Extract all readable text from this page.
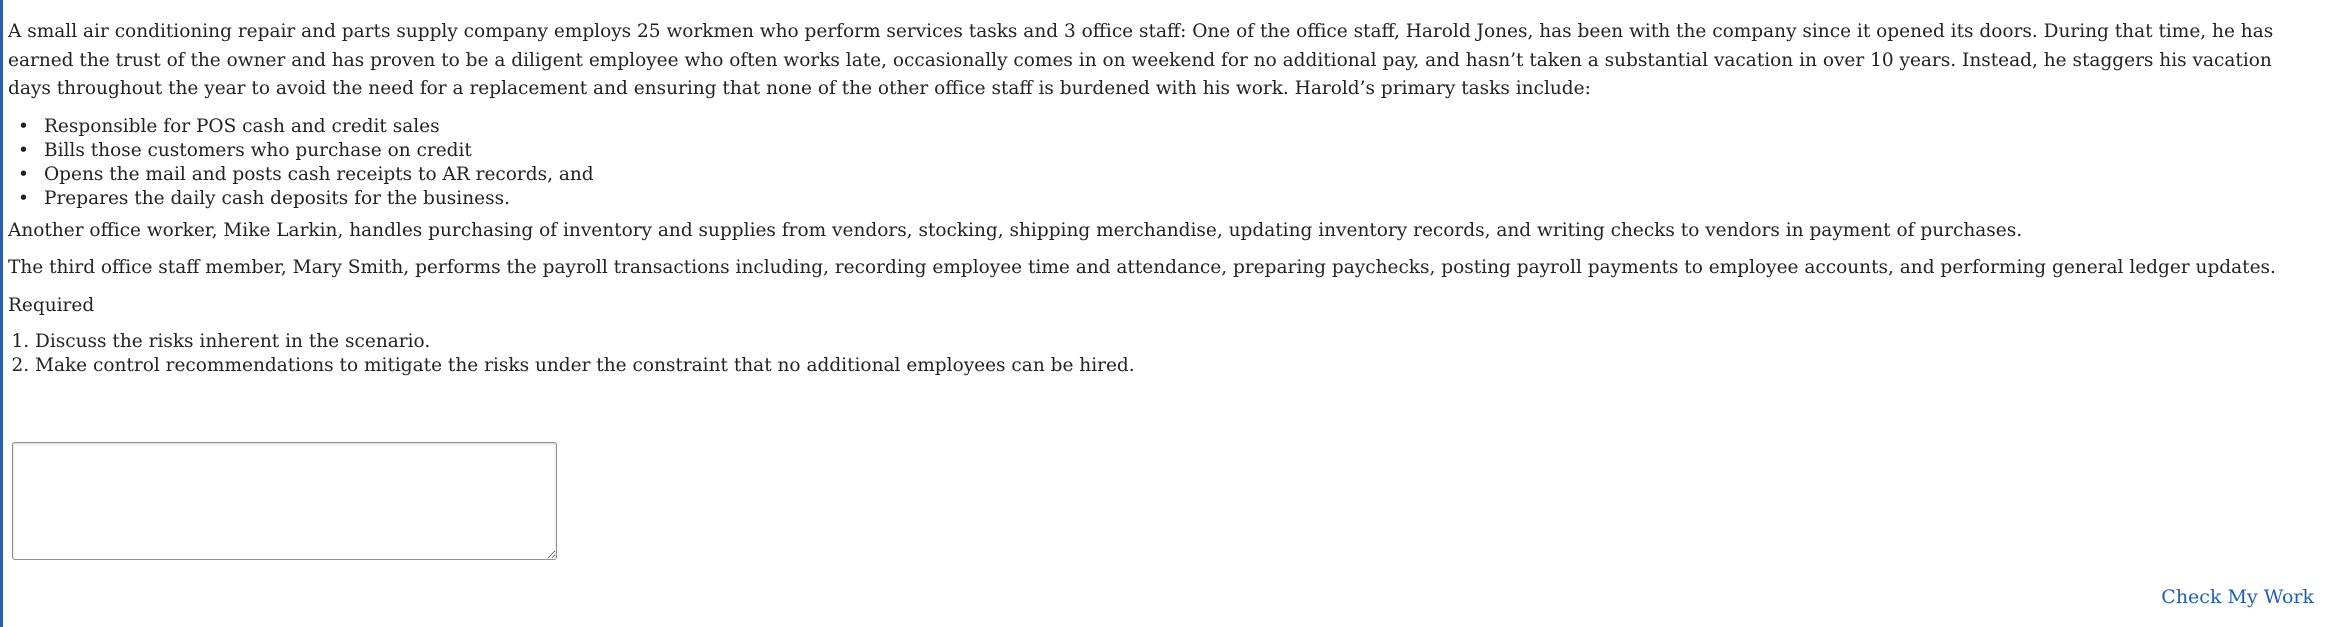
A small air conditioning repair and parts supply company employs 25 workmen who perform services tasks and 3 office staff: One of the office staff, Harold Jones, has been with the company since it opened its doors. During that time, he has earned the trust of the owner and has proven to be a diligent employee who often works late, occasionally comes in on weekend for no additional pay, and hasn’t taken a substantial vacation in over 10 years. Instead, he staggers his vacation days throughout the year to avoid the need for a replacement and ensuring that none of the other office staff is burdened with his work. Harold’s primary tasks include:

• Responsible for POS cash and credit sales
• Bills those customers who purchase on credit
• Opens the mail and posts cash receipts to AR records, and
• Prepares the daily cash deposits for the business.

Another office worker, Mike Larkin, handles purchasing of inventory and supplies from vendors, stocking, shipping merchandise, updating inventory records, and writing checks to vendors in payment of purchases.

The third office staff member, Mary Smith, performs the payroll transactions including, recording employee time and attendance, preparing paychecks, posting payroll payments to employee accounts, and performing general ledger updates.

Required

1. Discuss the risks inherent in the scenario.
2. Make control recommendations to mitigate the risks under the constraint that no additional employees can be hired.
Check My Work
